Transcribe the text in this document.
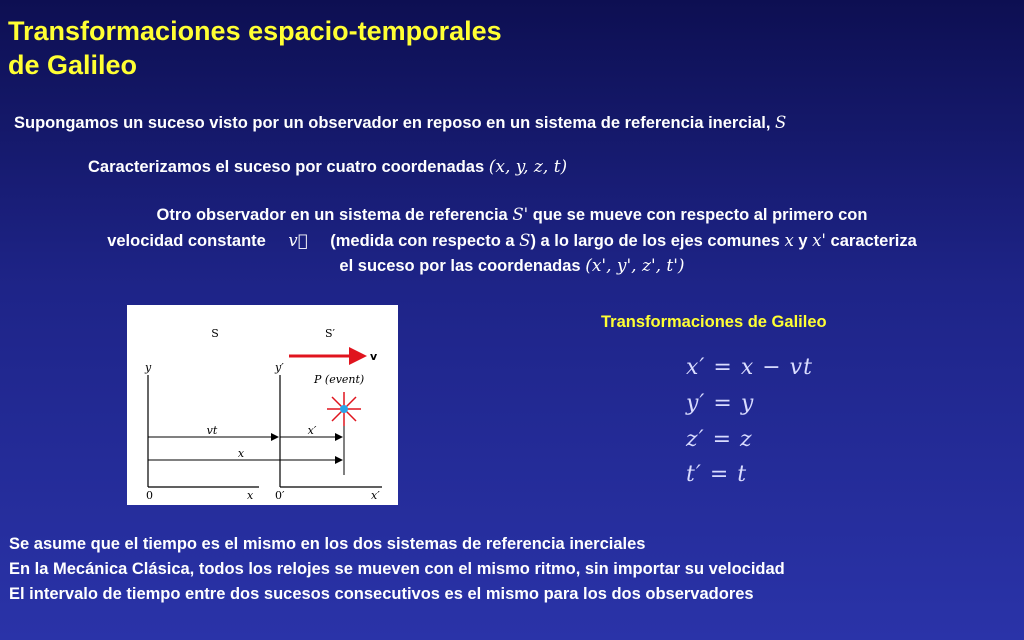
Transformaciones espacio-temporales
de Galileo
Supongamos un suceso visto por un observador en reposo en un sistema de referencia inercial, S
Caracterizamos el suceso por cuatro coordenadas (x, y, z, t)
Otro observador en un sistema de referencia S' que se mueve con respecto al primero con
velocidad constante v⃗ (medida con respecto a S) a lo largo de los ejes comunes x y x' caracteriza
el suceso por las coordenadas (x', y', z', t')
S	S′
v
P (event)
y	y′
vt	x′
x
0	x 0′	x′
Transformaciones de Galileo
x′ = x − vt
y′ = y
z′ = z
t′ = t
Se asume que el tiempo es el mismo en los dos sistemas de referencia inerciales
En la Mecánica Clásica, todos los relojes se mueven con el mismo ritmo, sin importar su velocidad
El intervalo de tiempo entre dos sucesos consecutivos es el mismo para los dos observadores
